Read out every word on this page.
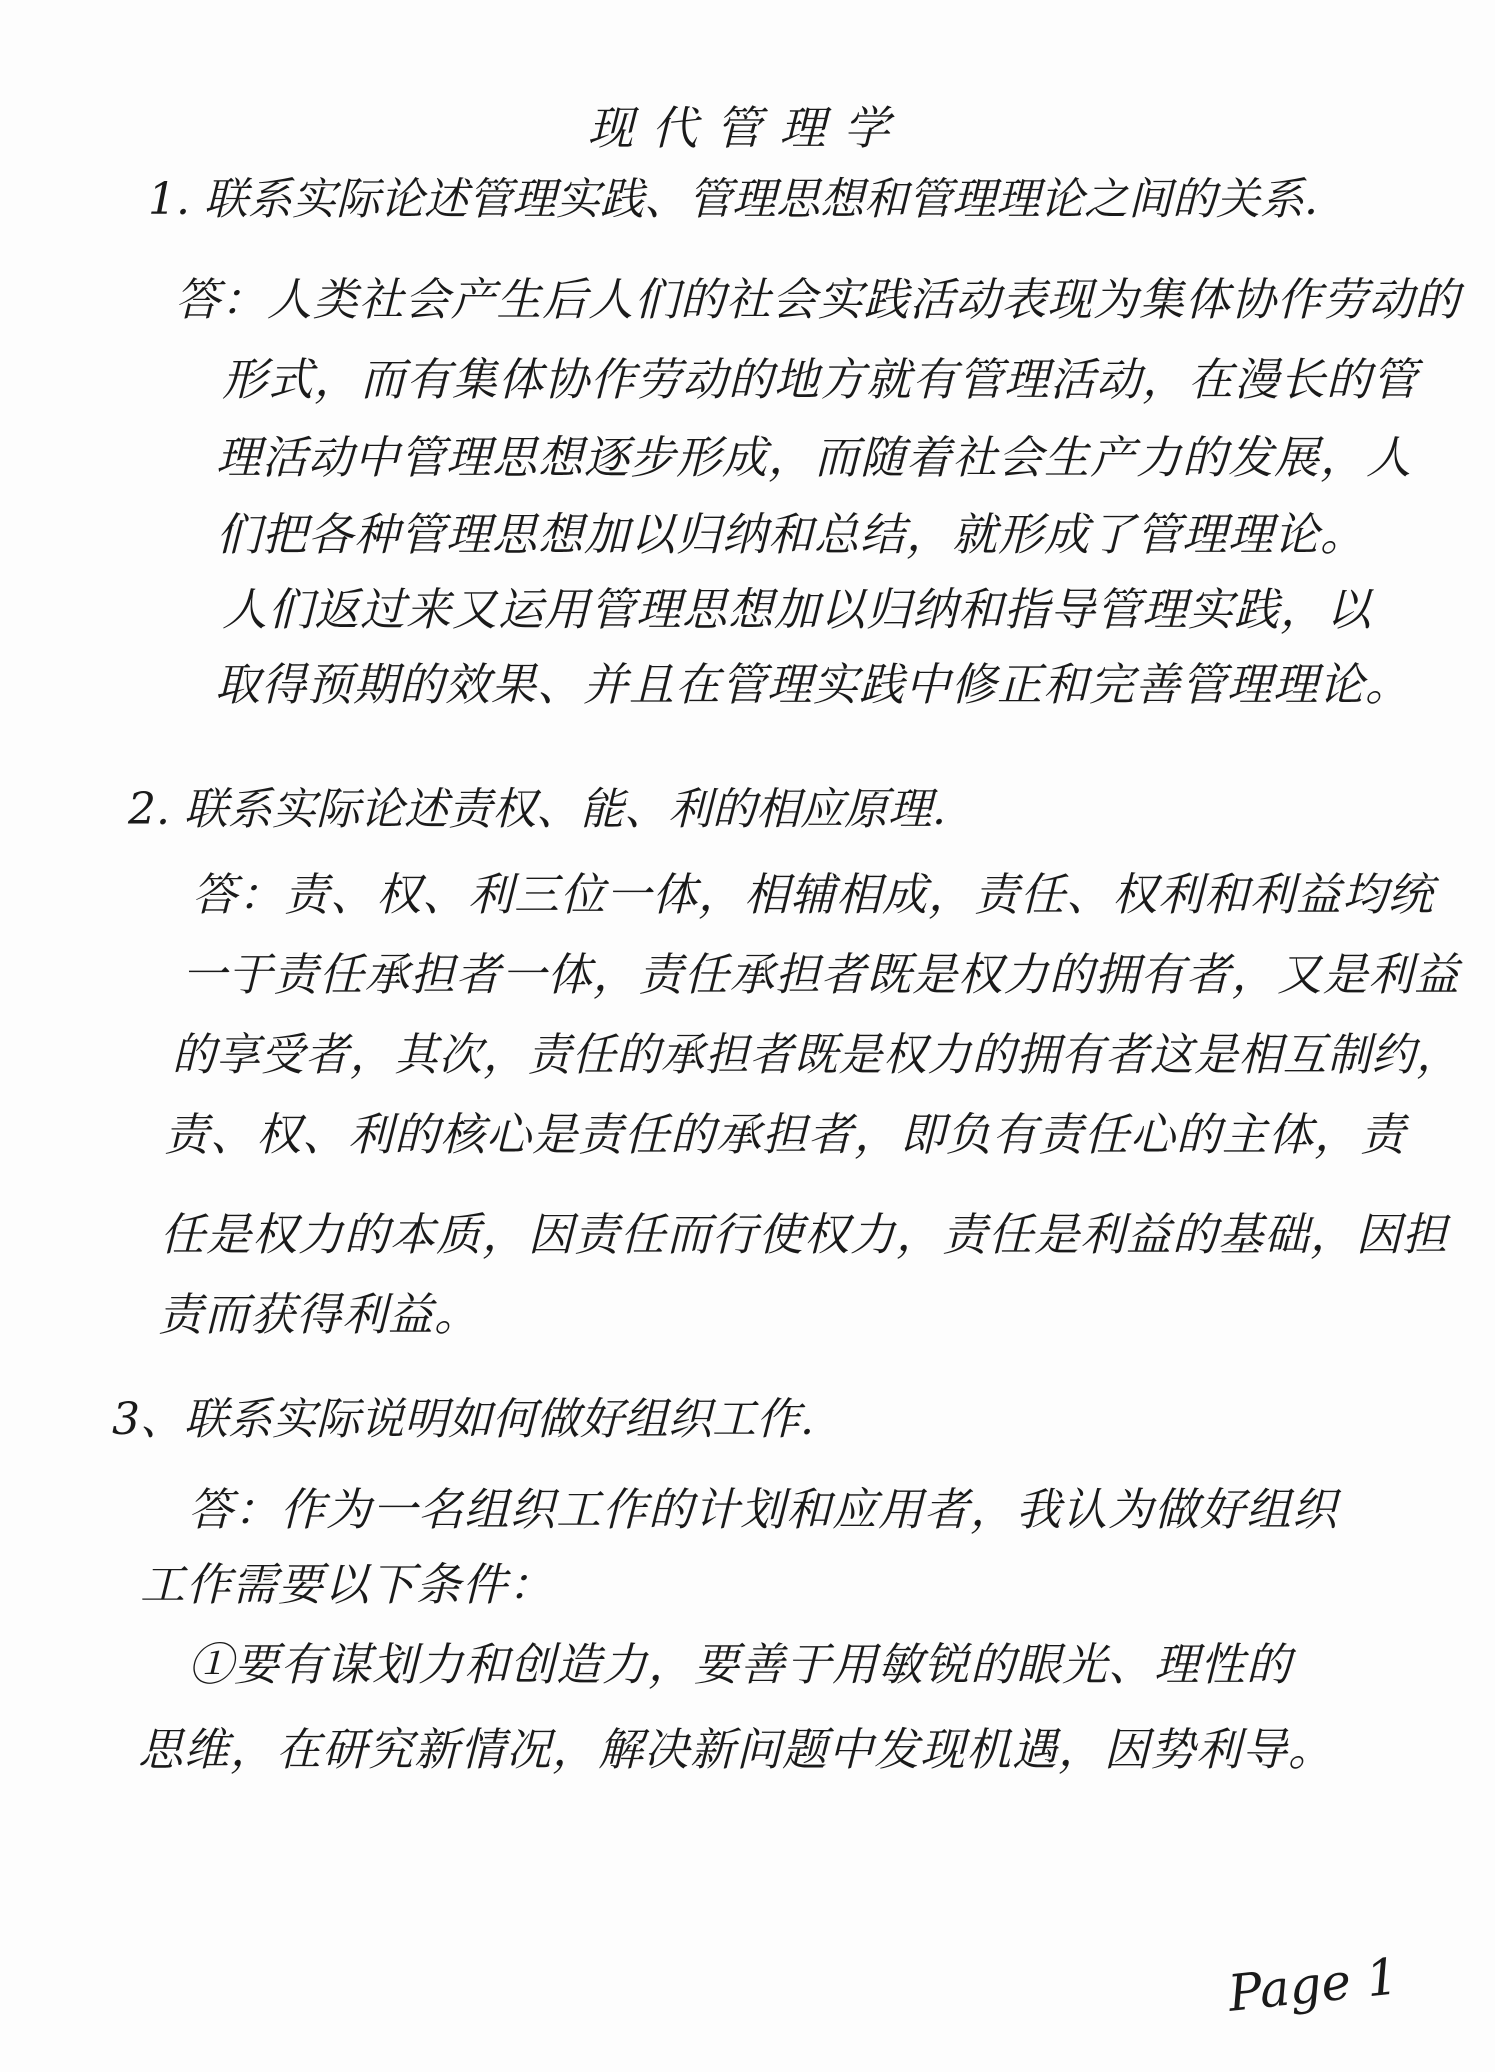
现代管理学
1. 联系实际论述管理实践、管理思想和管理理论之间的关系.
答：人类社会产生后人们的社会实践活动表现为集体协作劳动的
形式，而有集体协作劳动的地方就有管理活动，在漫长的管
理活动中管理思想逐步形成，而随着社会生产力的发展，人
们把各种管理思想加以归纳和总结，就形成了管理理论。
人们返过来又运用管理思想加以归纳和指导管理实践，以
取得预期的效果、并且在管理实践中修正和完善管理理论。
2. 联系实际论述责权、能、利的相应原理.
答：责、权、利三位一体，相辅相成，责任、权利和利益均统
一于责任承担者一体，责任承担者既是权力的拥有者，又是利益
的享受者，其次，责任的承担者既是权力的拥有者这是相互制约，
责、权、利的核心是责任的承担者，即负有责任心的主体，责
任是权力的本质，因责任而行使权力，责任是利益的基础，因担
责而获得利益。
3、联系实际说明如何做好组织工作.
答：作为一名组织工作的计划和应用者，我认为做好组织
工作需要以下条件：
①要有谋划力和创造力，要善于用敏锐的眼光、理性的
思维，在研究新情况，解决新问题中发现机遇，因势利导。
Page 1
